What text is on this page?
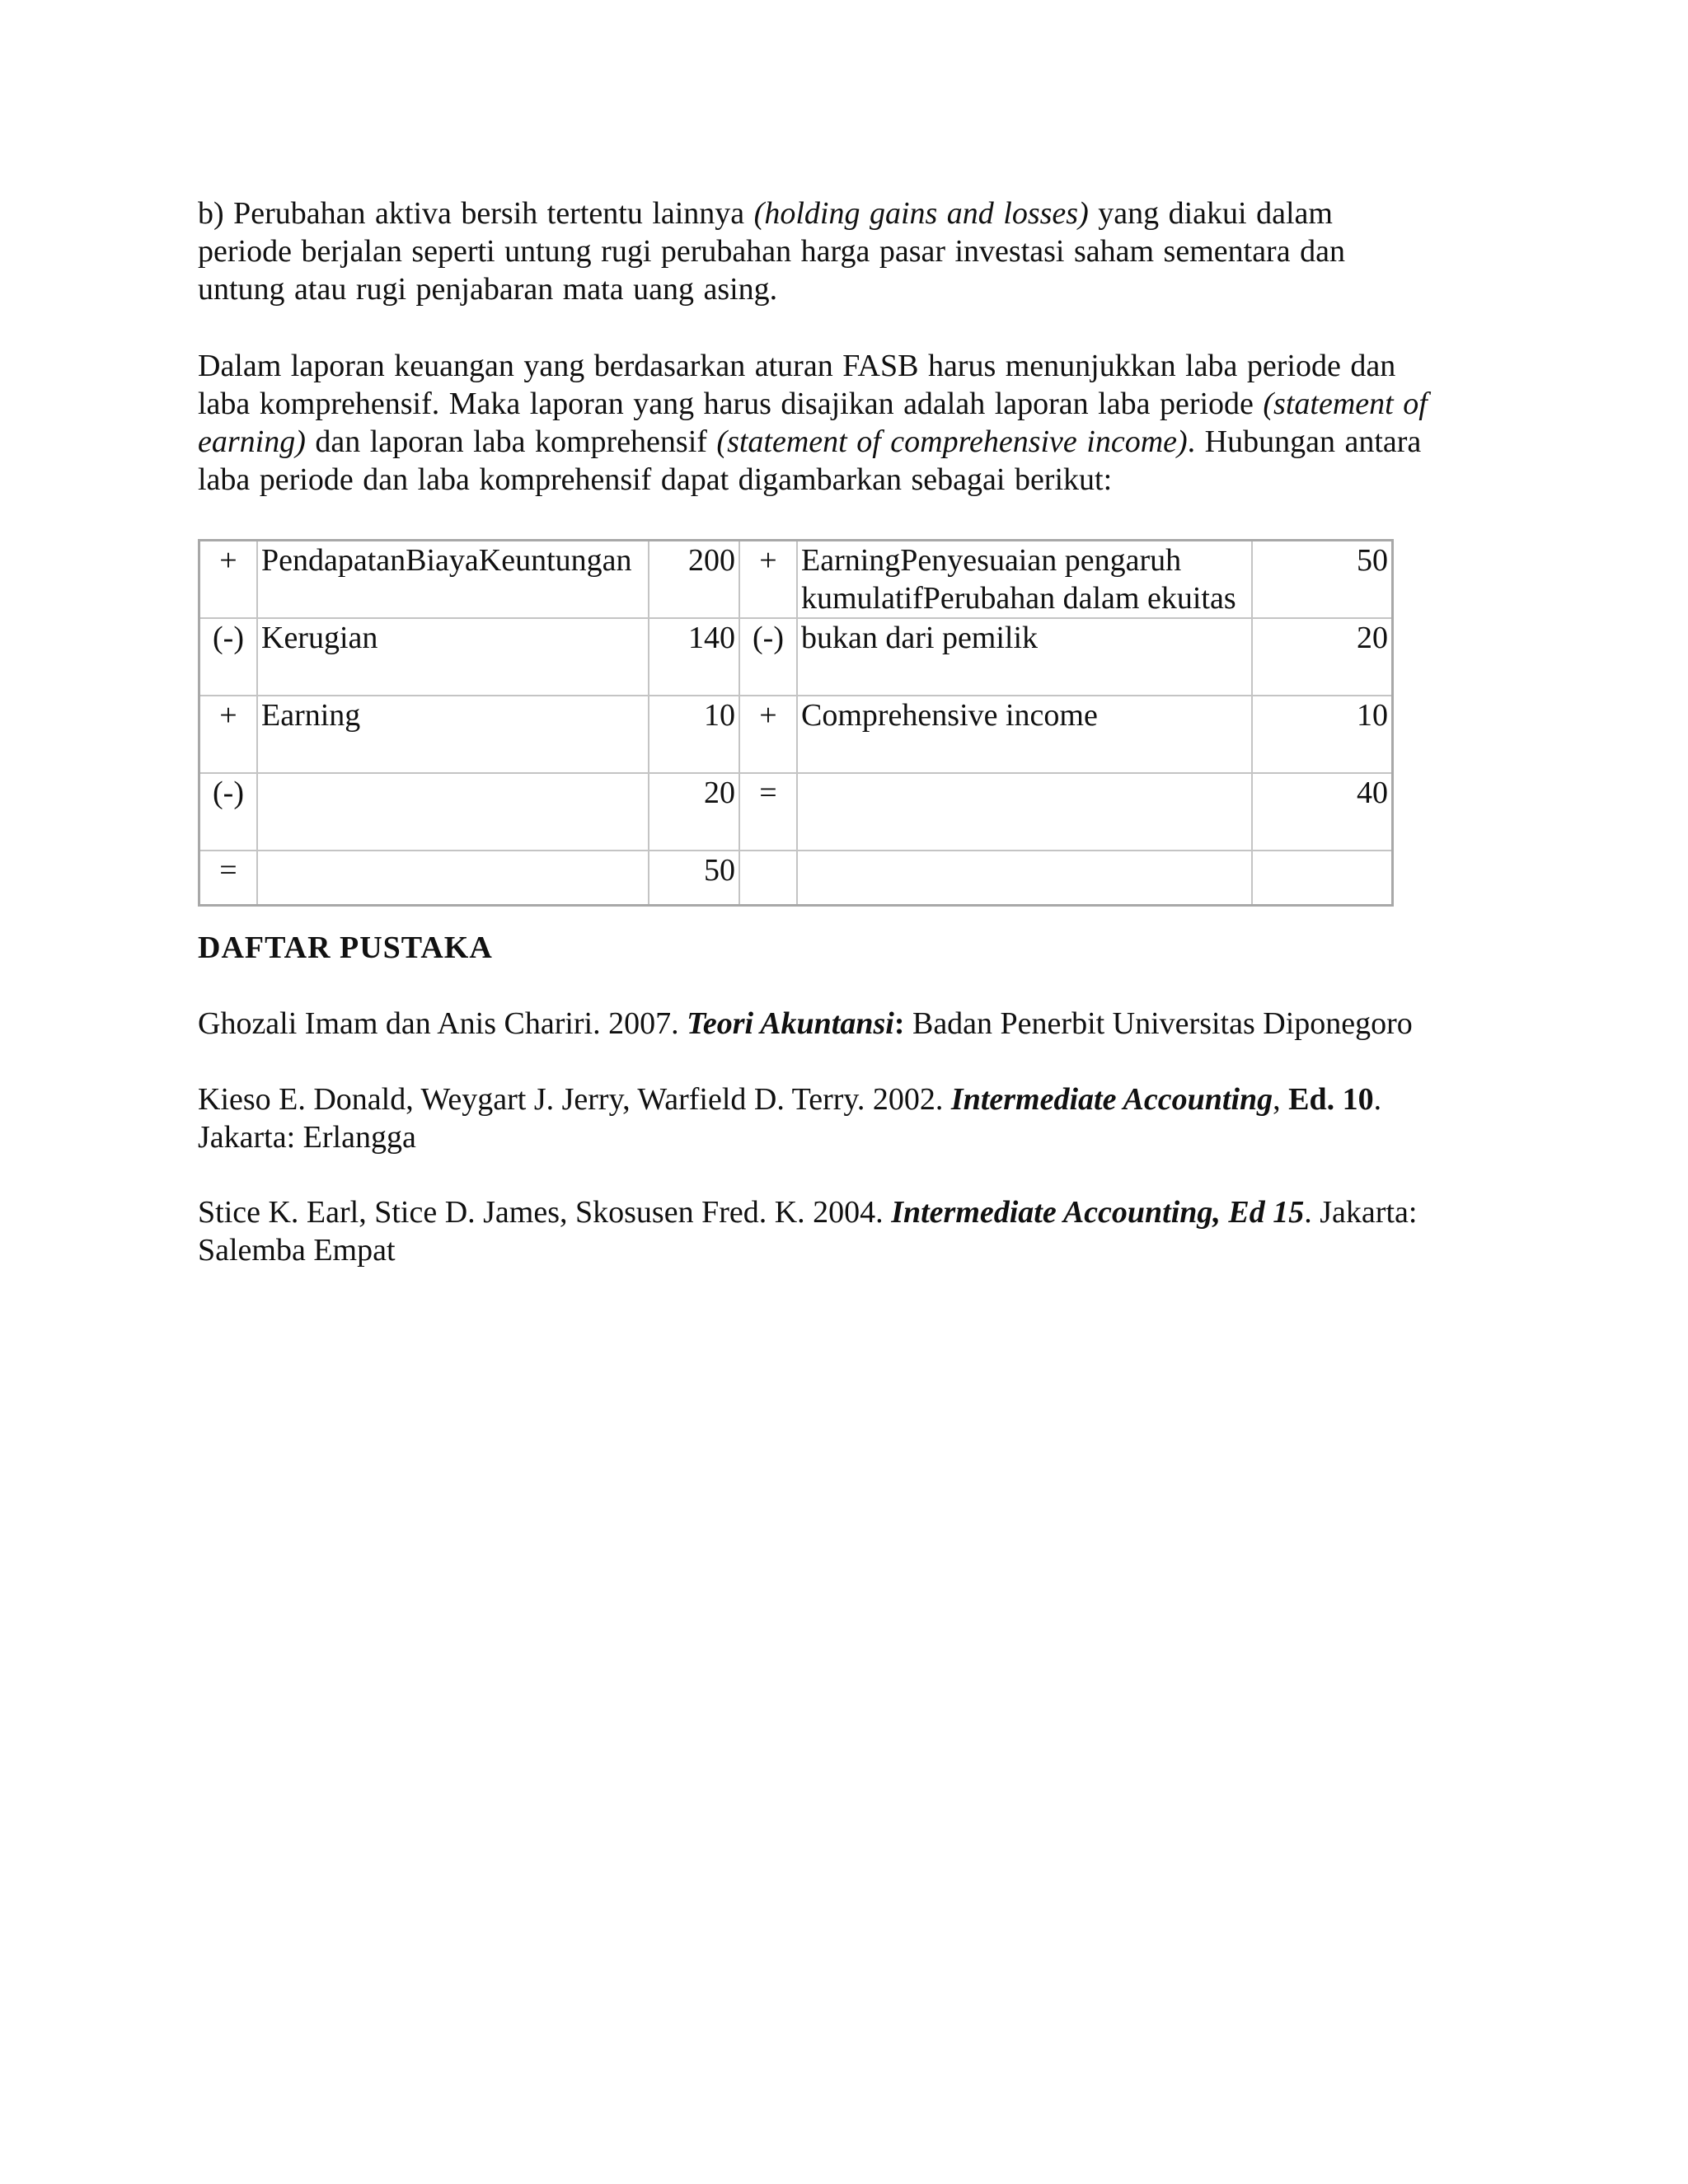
b) Perubahan aktiva bersih tertentu lainnya (holding gains and losses) yang diakui dalam
periode berjalan seperti untung rugi perubahan harga pasar investasi saham sementara dan
untung atau rugi penjabaran mata uang asing.

Dalam laporan keuangan yang berdasarkan aturan FASB harus menunjukkan laba periode dan
laba komprehensif. Maka laporan yang harus disajikan adalah laporan laba periode (statement of
earning) dan laporan laba komprehensif (statement of comprehensive income). Hubungan antara
laba periode dan laba komprehensif dapat digambarkan sebagai berikut:

+	PendapatanBiayaKeuntungan	200	+	EarningPenyesuaian pengaruh
kumulatifPerubahan dalam ekuitas	50
(-)	Kerugian	140	(-)	bukan dari pemilik	20
+	Earning	10	+	Comprehensive income	10
(-)		20	=		40
=		50			
DAFTAR PUSTAKA

Ghozali Imam dan Anis Chariri. 2007. Teori Akuntansi: Badan Penerbit Universitas Diponegoro

Kieso E. Donald, Weygart J. Jerry, Warfield D. Terry. 2002. Intermediate Accounting, Ed. 10.
Jakarta: Erlangga

Stice K. Earl, Stice D. James, Skosusen Fred. K. 2004. Intermediate Accounting, Ed 15. Jakarta:
Salemba Empat
